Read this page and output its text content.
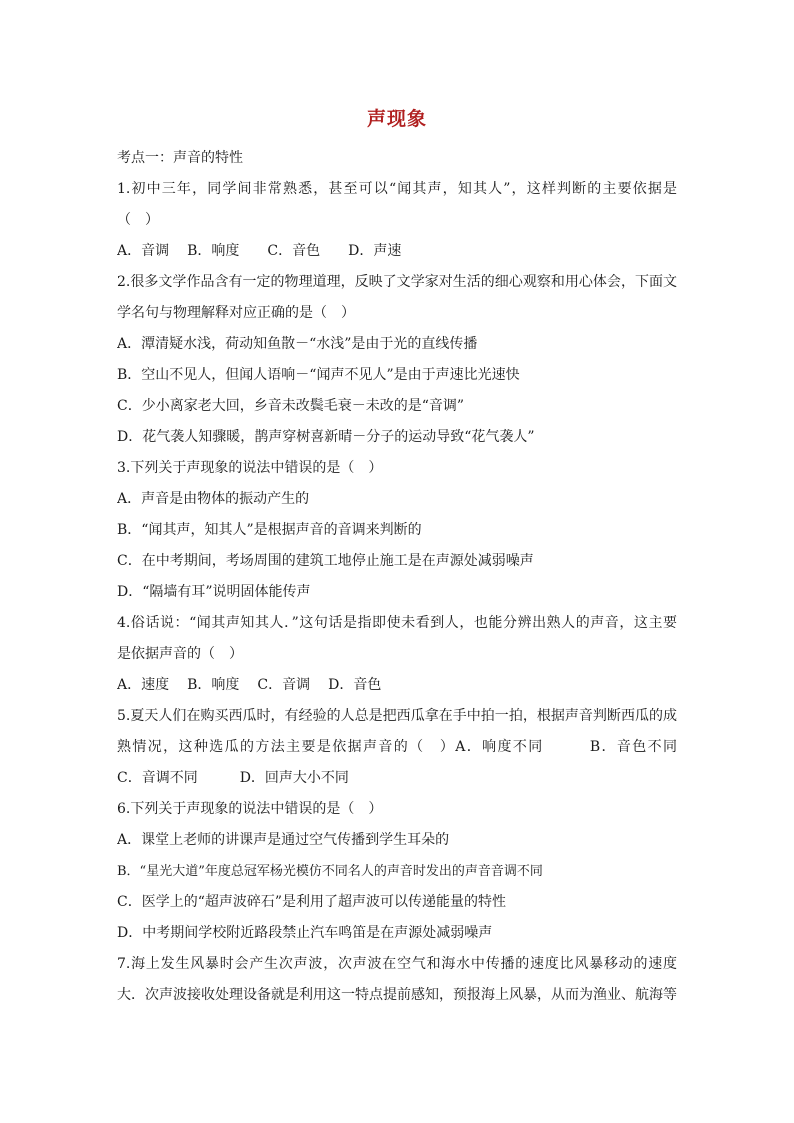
声现象
考点一：声音的特性
1.初中三年，同学间非常熟悉，甚至可以“闻其声，知其人”，这样判断的主要依据是
（　）
A．音调 B．响度 C．音色 D．声速
2.很多文学作品含有一定的物理道理，反映了文学家对生活的细心观察和用心体会，下面文
学名句与物理解释对应正确的是（　）
A．潭清疑水浅，荷动知鱼散－“水浅”是由于光的直线传播
B．空山不见人，但闻人语响－“闻声不见人”是由于声速比光速快
C．少小离家老大回，乡音未改鬓毛衰－未改的是“音调”
D．花气袭人知骤暖，鹊声穿树喜新晴－分子的运动导致“花气袭人”
3.下列关于声现象的说法中错误的是（　）
A．声音是由物体的振动产生的
B．“闻其声，知其人”是根据声音的音调来判断的
C．在中考期间，考场周围的建筑工地停止施工是在声源处减弱噪声
D．“隔墙有耳”说明固体能传声
4.俗话说：“闻其声知其人．”这句话是指即使未看到人，也能分辨出熟人的声音，这主要
是依据声音的（　）
A．速度 B．响度 C．音调 D．音色
5.夏天人们在购买西瓜时，有经验的人总是把西瓜拿在手中拍一拍，根据声音判断西瓜的成
熟情况，这种选瓜的方法主要是依据声音的（　）A．响度不同　　　B．音色不同
C．音调不同　　　D．回声大小不同
6.下列关于声现象的说法中错误的是（　）
A．课堂上老师的讲课声是通过空气传播到学生耳朵的
B．“星光大道”年度总冠军杨光模仿不同名人的声音时发出的声音音调不同
C．医学上的“超声波碎石”是利用了超声波可以传递能量的特性
D．中考期间学校附近路段禁止汽车鸣笛是在声源处减弱噪声
7.海上发生风暴时会产生次声波，次声波在空气和海水中传播的速度比风暴移动的速度
大．次声波接收处理设备就是利用这一特点提前感知，预报海上风暴，从而为渔业、航海等
